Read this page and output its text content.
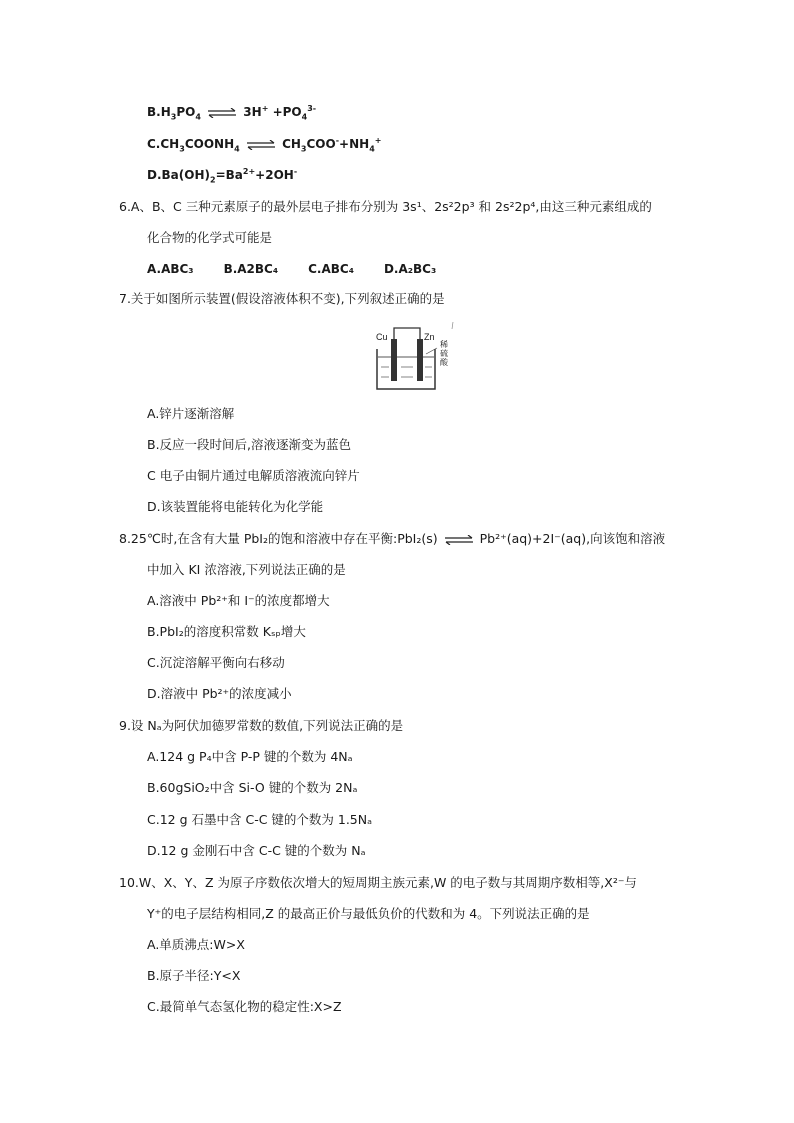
$B.H_3PO_4$ ⇌ $3H^+ +PO_4^{3-}$
$C.CH_3COONH_4$ ⇌ $CH_3COO^-+NH_4^+$
$D.Ba(OH)_2=Ba^{2+}+2OH^-$
6.A、B、C 三种元素原子的最外层电子排布分别为 3s¹、2s²2p³ 和 2s²2p⁴,由这三种元素组成的
化合物的化学式可能是
A.ABC₃ B.A2BC₄ C.ABC₄ D.A₂BC₃
7.关于如图所示装置(假设溶液体积不变),下列叙述正确的是
Cu	Zn
稀硫酸
A.锌片逐渐溶解
B.反应一段时间后,溶液逐渐变为蓝色
C 电子由铜片通过电解质溶液流向锌片
D.该装置能将电能转化为化学能
8.25℃时,在含有大量 PbI₂的饱和溶液中存在平衡:PbI₂(s) ⇌ Pb²⁺(aq)+2I⁻(aq),向该饱和溶液
中加入 KI 浓溶液,下列说法正确的是
A.溶液中 Pb²⁺和 I⁻的浓度都增大
B.PbI₂的溶度积常数 Kₛₚ增大
C.沉淀溶解平衡向右移动
D.溶液中 Pb²⁺的浓度减小
9.设 Nₐ为阿伏加德罗常数的数值,下列说法正确的是
A.124 g P₄中含 P-P 键的个数为 4Nₐ
B.60gSiO₂中含 Si-O 键的个数为 2Nₐ
C.12 g 石墨中含 C-C 键的个数为 1.5Nₐ
D.12 g 金刚石中含 C-C 键的个数为 Nₐ
10.W、X、Y、Z 为原子序数依次增大的短周期主族元素,W 的电子数与其周期序数相等,X²⁻与
Y⁺的电子层结构相同,Z 的最高正价与最低负价的代数和为 4。下列说法正确的是
A.单质沸点:W>X
B.原子半径:Y<X
C.最简单气态氢化物的稳定性:X>Z
